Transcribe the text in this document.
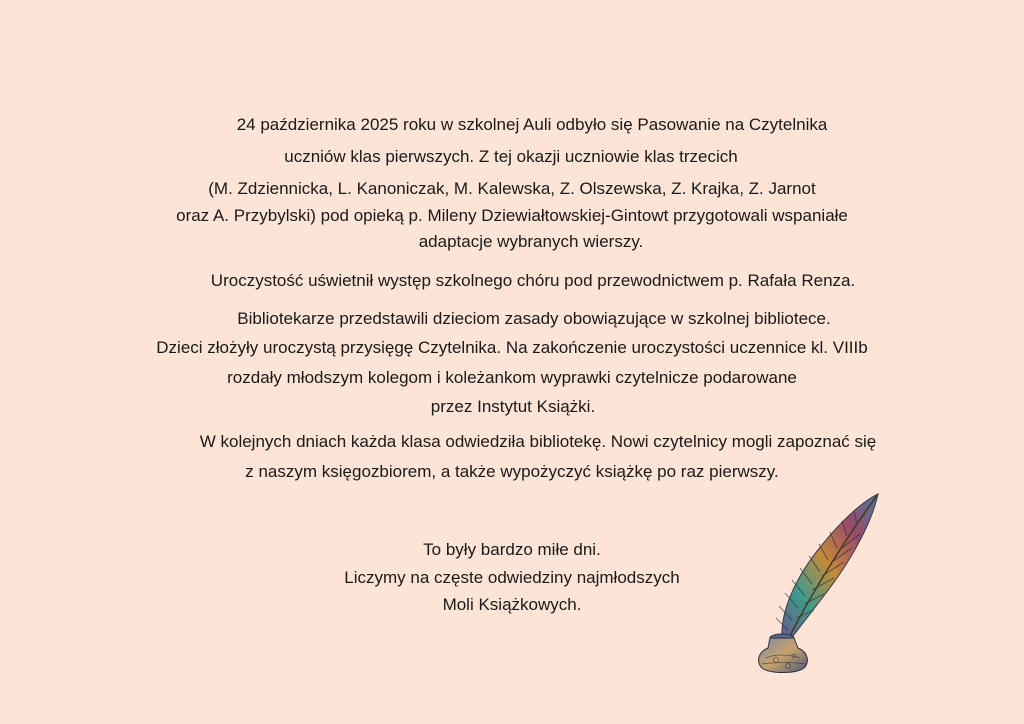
24 października 2025 roku w szkolnej Auli odbyło się Pasowanie na Czytelnika
uczniów klas pierwszych. Z tej okazji uczniowie klas trzecich
(M. Zdziennicka, L. Kanoniczak, M. Kalewska, Z. Olszewska, Z. Krajka, Z. Jarnot
oraz A. Przybylski) pod opieką p. Mileny Dziewiałtowskiej-Gintowt przygotowali wspaniałe
adaptacje wybranych wierszy.
Uroczystość uświetnił występ szkolnego chóru pod przewodnictwem p. Rafała Renza.
Bibliotekarze przedstawili dzieciom zasady obowiązujące w szkolnej bibliotece.
Dzieci złożyły uroczystą przysięgę Czytelnika. Na zakończenie uroczystości uczennice kl. VIIIb
rozdały młodszym kolegom i koleżankom wyprawki czytelnicze podarowane
przez Instytut Książki.
W kolejnych dniach każda klasa odwiedziła bibliotekę. Nowi czytelnicy mogli zapoznać się
z naszym księgozbiorem, a także wypożyczyć książkę po raz pierwszy.
To były bardzo miłe dni.
Liczymy na częste odwiedziny najmłodszych
Moli Książkowych.
